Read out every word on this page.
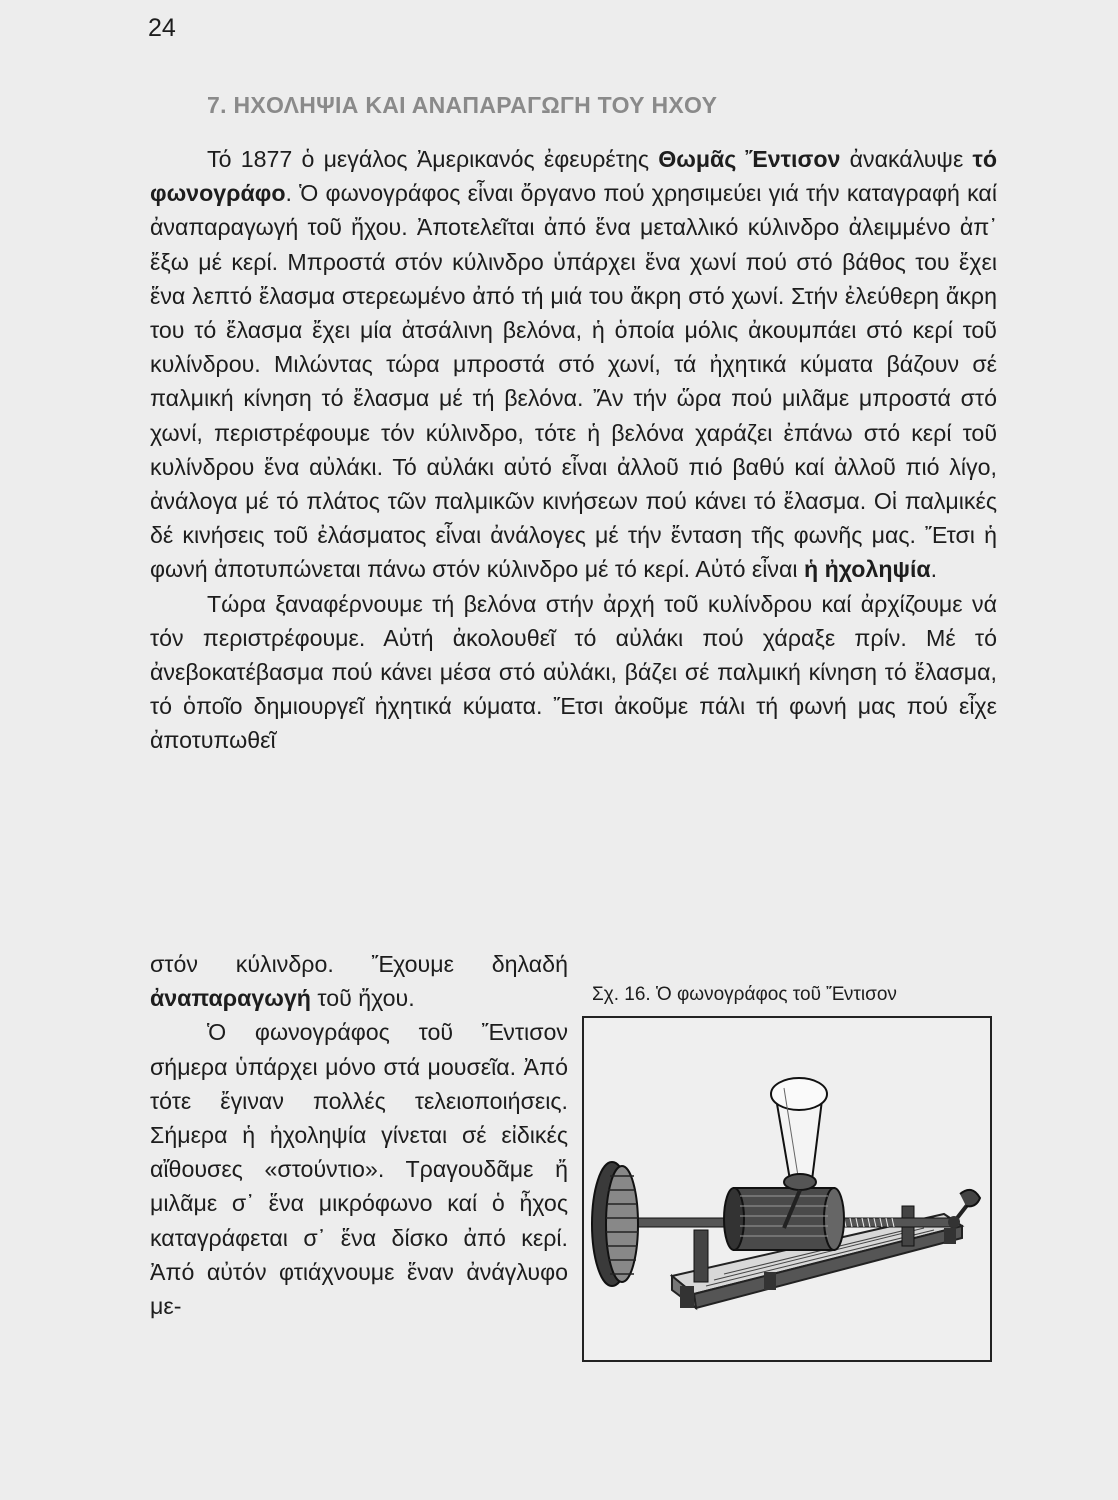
24
7. ΗΧΟΛΗΨΙΑ ΚΑΙ ΑΝΑΠΑΡΑΓΩΓΗ ΤΟΥ ΗΧΟΥ

Τό 1877 ὁ μεγάλος Ἀμερικανός ἐφευρέτης Θωμᾶς Ἔντισον ἀνακάλυψε τό φωνογράφο. Ὁ φωνογράφος εἶναι ὄργανο πού χρησιμεύει γιά τήν καταγραφή καί ἀναπαραγωγή τοῦ ἤχου. Ἀποτελεῖται ἀπό ἕνα μεταλλικό κύλινδρο ἀλειμμένο ἀπ᾽ ἔξω μέ κερί. Μπροστά στόν κύλινδρο ὑπάρχει ἕνα χωνί πού στό βάθος του ἔχει ἕνα λεπτό ἔλασμα στερεωμένο ἀπό τή μιά του ἄκρη στό χωνί. Στήν ἐλεύθερη ἄκρη του τό ἔλασμα ἔχει μία ἀτσάλινη βελόνα, ἡ ὁποία μόλις ἀκουμπάει στό κερί τοῦ κυλίνδρου. Μιλώντας τώρα μπροστά στό χωνί, τά ἠχητικά κύματα βάζουν σέ παλμική κίνηση τό ἔλασμα μέ τή βελόνα. Ἄν τήν ὥρα πού μιλᾶμε μπροστά στό χωνί, περιστρέφουμε τόν κύλινδρο, τότε ἡ βελόνα χαράζει ἐπάνω στό κερί τοῦ κυλίνδρου ἕνα αὐλάκι. Τό αὐλάκι αὐτό εἶναι ἀλλοῦ πιό βαθύ καί ἀλλοῦ πιό λίγο, ἀνάλογα μέ τό πλάτος τῶν παλμικῶν κινήσεων πού κάνει τό ἔλασμα. Οἱ παλμικές δέ κινήσεις τοῦ ἐλάσματος εἶναι ἀνάλογες μέ τήν ἔνταση τῆς φωνῆς μας. Ἔτσι ἡ φωνή ἀποτυπώνεται πάνω στόν κύλινδρο μέ τό κερί. Αὐτό εἶναι ἡ ἠχοληψία.

Τώρα ξαναφέρνουμε τή βελόνα στήν ἀρχή τοῦ κυλίνδρου καί ἀρχίζουμε νά τόν περιστρέφουμε. Αὐτή ἀκολουθεῖ τό αὐλάκι πού χάραξε πρίν. Μέ τό ἀνεβοκατέβασμα πού κάνει μέσα στό αὐλάκι, βάζει σέ παλμική κίνηση τό ἔλασμα, τό ὁποῖο δημιουργεῖ ἠχητικά κύματα. Ἔτσι ἀκοῦμε πάλι τή φωνή μας πού εἶχε ἀποτυπωθεῖ

στόν κύλινδρο. Ἔχουμε δηλαδή ἀναπαραγωγή τοῦ ἤχου.

Ὁ φωνογράφος τοῦ Ἔντισον σήμερα ὑπάρχει μόνο στά μουσεῖα. Ἀπό τότε ἔγιναν πολλές τελειοποιήσεις. Σήμερα ἡ ἠχοληψία γίνεται σέ εἰδικές αἴθουσες «στούντιο». Τραγουδᾶμε ἤ μιλᾶμε σ᾽ ἕνα μικρόφωνο καί ὁ ἦχος καταγράφεται σ᾽ ἕνα δίσκο ἀπό κερί. Ἀπό αὐτόν φτιάχνουμε ἕναν ἀνάγλυφο με-

Σχ. 16. Ὁ φωνογράφος τοῦ Ἔντισον
